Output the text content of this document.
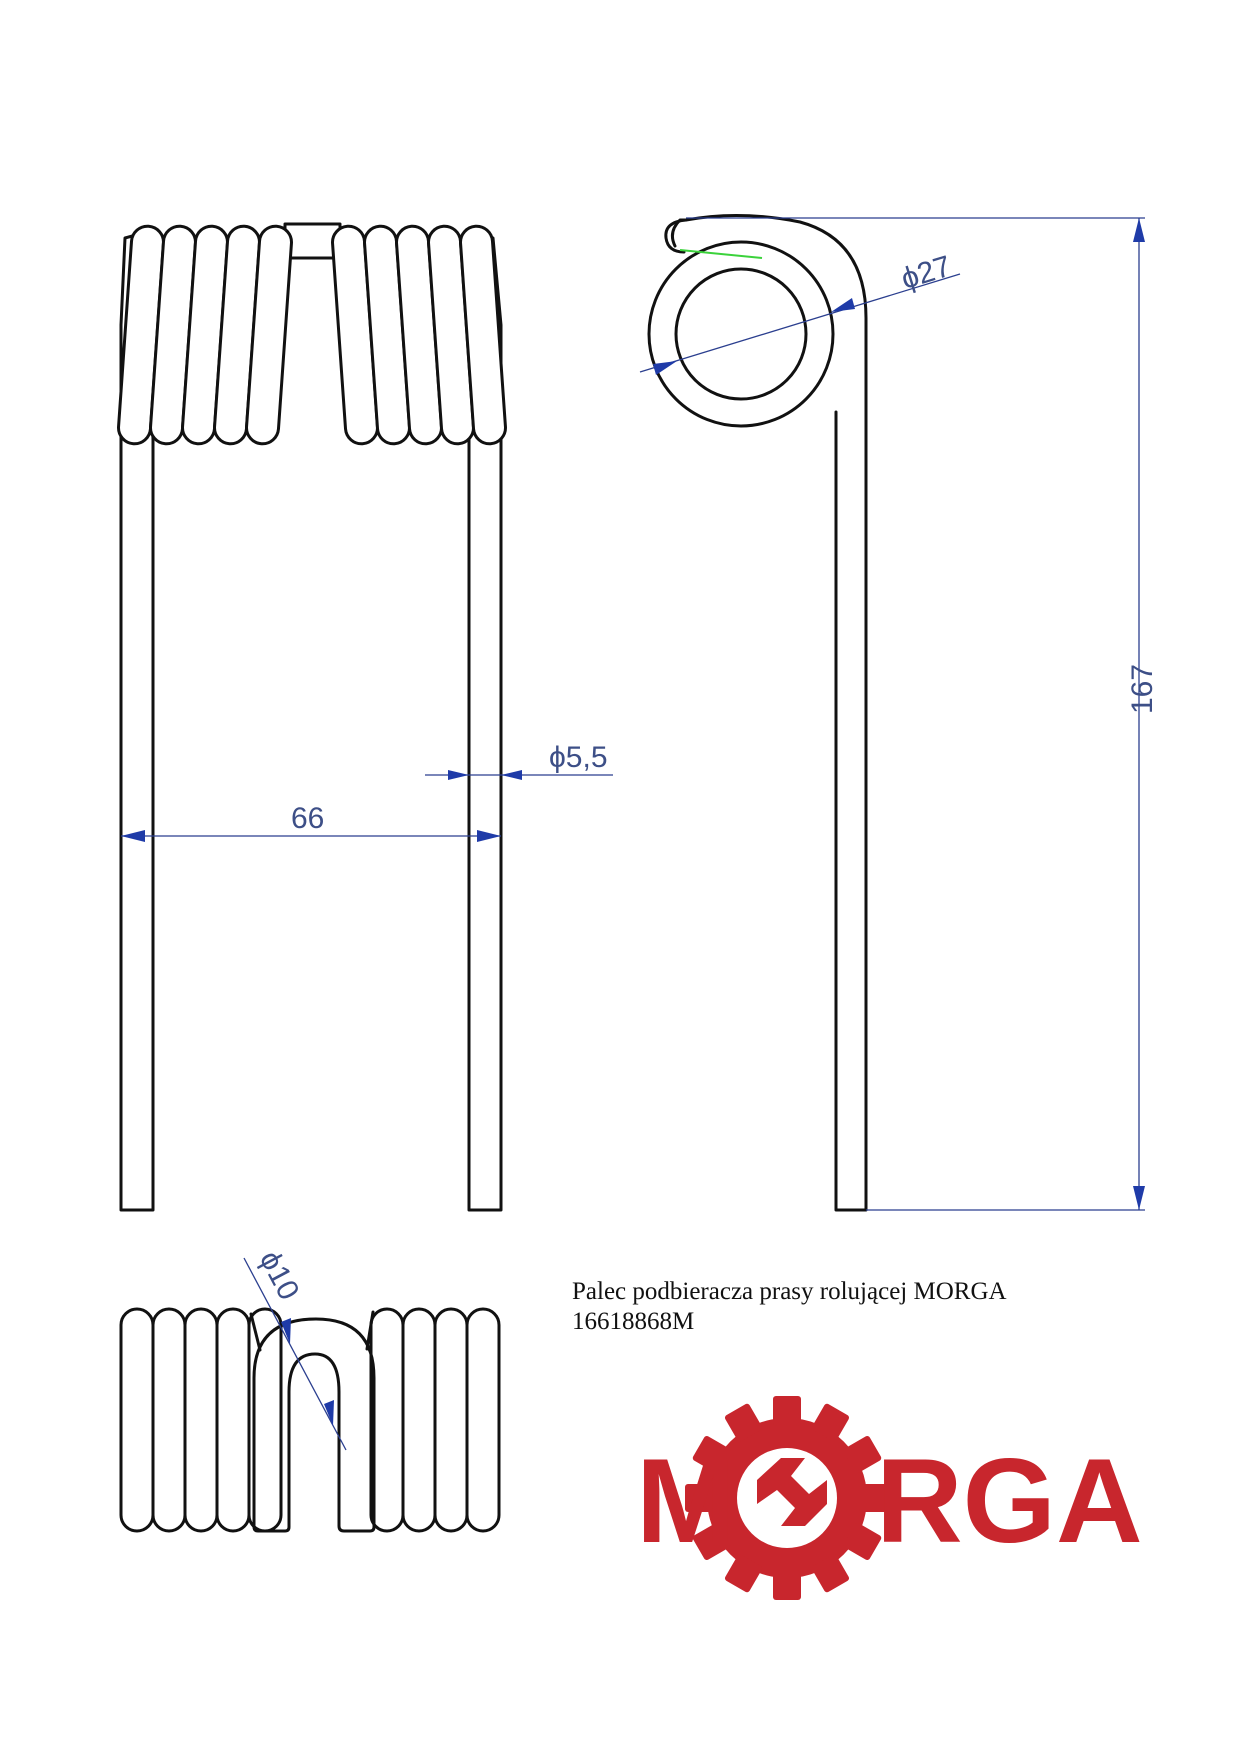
ϕ5,5
66
ϕ27
167
ϕ10
M RGA
Palec podbieracza prasy rolującej MORGA
16618868M
